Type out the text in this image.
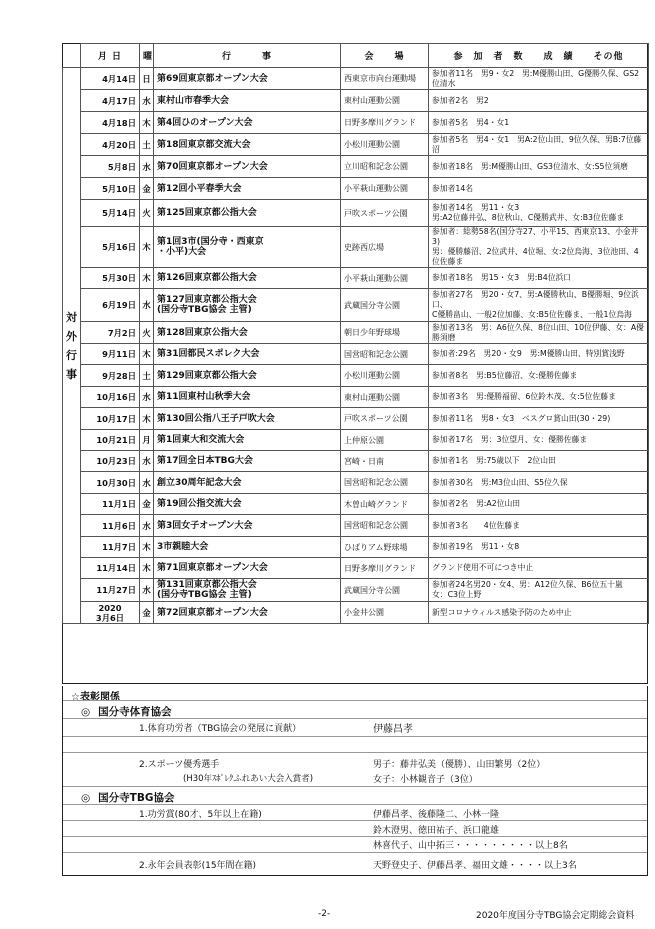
	月 日	曜	行　　　事	会　　場	参　加　者　数　　成　績　　その他

対
外
行
事	4月14日	日	第69回東京都オープン大会	西東京市向台運動場	参加者11名　男9・女2　男:M優勝山田、G優勝久保、GS2位清水
	4月17日	水	東村山市春季大会	東村山運動公園	参加者2名　男2
	4月18日	木	第4回ひのオープン大会	日野多摩川グランド	参加者5名　男4・女1
	4月20日	土	第18回東京都交流大会	小松川運動公園	参加者5名　男4・女1　男A:2位山田、9位久保、男B:7位藤沼
	5月8日	水	第70回東京都オープン大会	立川昭和記念公園	参加者18名　男:M優勝山田、GS3位清水、女:S5位須磨
	5月10日	金	第12回小平春季大会	小平萩山運動公園	参加者14名
	5月14日	火	第125回東京都公指大会	戸吹スポーツ公園	参加者14名　男11・女3
男:A2位藤井弘、8位秋山、C優勝武井、女:B3位佐藤ま
	5月16日	木	第1回3市(国分寺・西東京
・小平)大会	史跡西広場	参加者：総勢58名(国分寺27、小平15、西東京13、小金井3)
男：優勝藤沼、2位武井、4位堀、女:2位烏海、3位池田、4位佐藤ま
	5月30日	木	第126回東京都公指大会	小平萩山運動公園	参加者18名　男15・女3　男:B4位浜口
	6月19日	水	第127回東京都公指大会
(国分寺TBG協会 主管)	武蔵国分寺公園	参加者27名　男20・女7、男:A優勝秋山、B優勝堀、9位浜口、
C優勝畠山、一般2位加藤、女:B5位佐藤ま、一般1位烏海
	7月2日	火	第128回東京公指大会	朝日少年野球場	参加者13名　男：A6位久保、8位山田、10位伊藤、女：A優勝須磨
	9月11日	木	第31回都民スポレク大会	国営昭和記念公園	参加者:29名　男20・女9　男:M優勝山田、特別賞浅野
	9月28日	土	第129回東京都公指大会	小松川運動公園	参加者8名　男:B5位藤沼、女:優勝佐藤ま
	10月16日	水	第11回東村山秋季大会	東村山運動公園	参加者3名　男:優勝福留、6位鈴木茂、女:5位佐藤ま
	10月17日	木	第130回公指八王子戸吹大会	戸吹スポーツ公園	参加者11名　男8・女3　ベスグロ賞山田(30・29)
	10月21日	月	第1回東大和交流大会	上仲原公園	参加者17名　男：3位望月、女：優勝佐藤ま
	10月23日	水	第17回全日本TBG大会	宮崎・日南	参加者1名　男:75歳以下　2位山田
	10月30日	水	創立30周年記念大会	国営昭和記念公園	参加者30名　男:M3位山田、S5位久保
	11月1日	金	第19回公指交流大会	木曽山崎グランド	参加者2名　男:A2位山田
	11月6日	水	第3回女子オープン大会	国営昭和記念公園	参加者3名　　4位佐藤ま
	11月7日	木	3市親睦大会	ひばりアム野球場	参加者19名　男11・女8
	11月14日	木	第71回東京都オープン大会	日野多摩川グランド	グランド使用不可につき中止
	11月27日	水	第131回東京都公指大会
(国分寺TBG協会 主管)	武蔵国分寺公園	参加者24名男20・女4、男：A12位久保、B6位五十嵐　女：C3位上野

	2020
3月6日	金	第72回東京都オープン大会	小金井公園	新型コロナウィルス感染予防のため中止
☆表彰関係
◎ 国分寺体育協会
1.体育功労者（TBG協会の発展に貢献）	伊藤昌孝
2.スポーツ優秀選手	男子：藤井弘美（優勝）、山田繁男（2位）
(H30年ｽﾎﾟﾚｸふれあい大会入賞者)	女子：小林観音子（3位）
◎ 国分寺TBG協会
1.功労賞(80才、5年以上在籍)	伊藤昌孝、後藤隆二、小林一隆
鈴木澄男、徳田祐子、浜口龍雄
林喜代子、山中拓三・・・・・・・・・以上8名
2.永年会員表彰(15年間在籍)	天野登史子、伊藤昌孝、福田文雄・・・・以上3名
-2-	2020年度国分寺TBG協会定期総会資料
